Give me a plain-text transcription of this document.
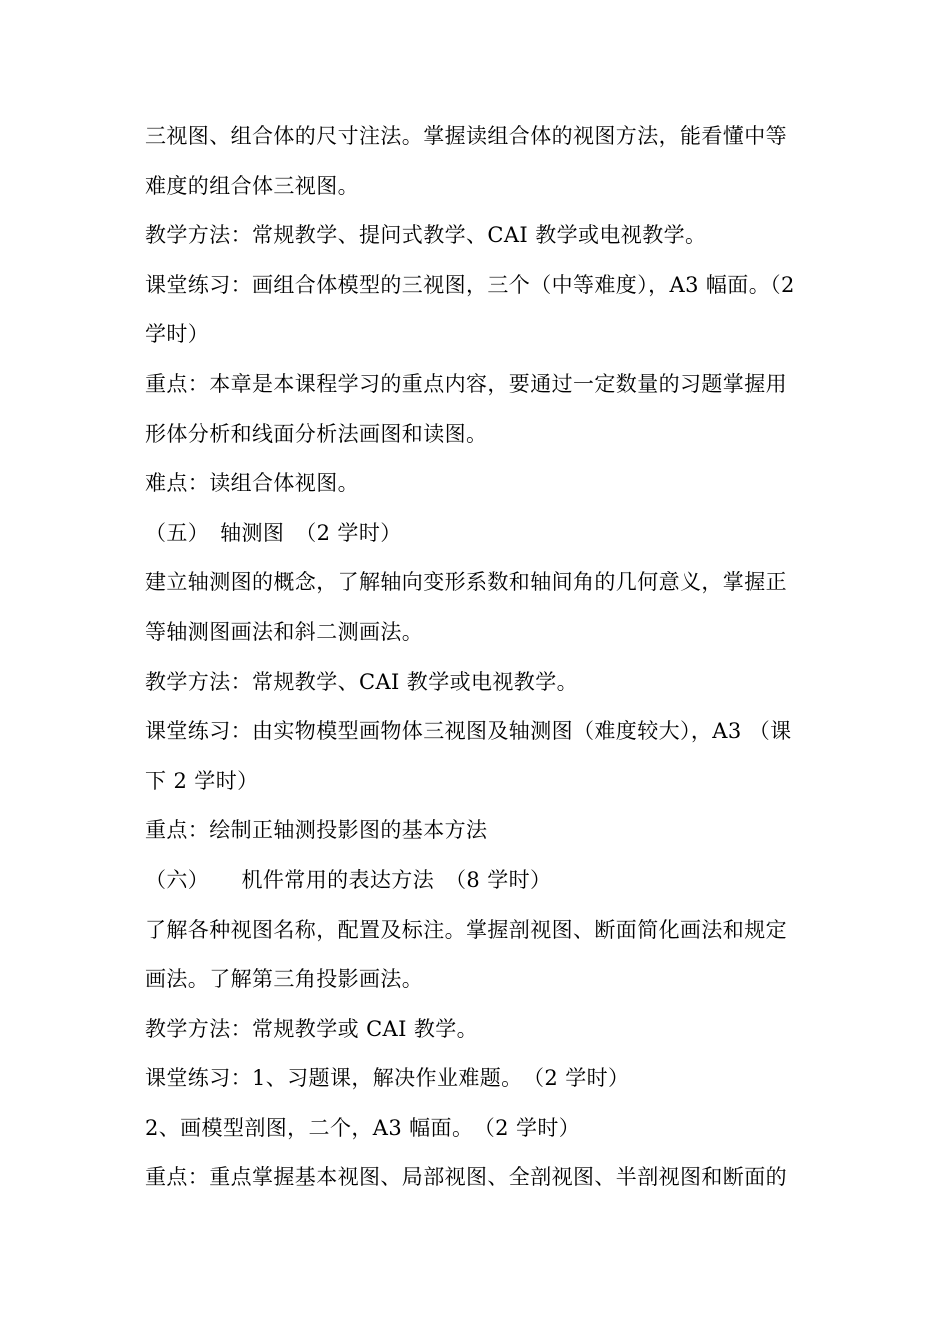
三视图、组合体的尺寸注法。掌握读组合体的视图方法，能看懂中等
难度的组合体三视图。
教学方法：常规教学、提问式教学、CAI 教学或电视教学。
课堂练习：画组合体模型的三视图，三个（中等难度），A3 幅面。（2
学时）
重点：本章是本课程学习的重点内容，要通过一定数量的习题掌握用
形体分析和线面分析法画图和读图。
难点：读组合体视图。
（五）　轴测图　（2 学时）
建立轴测图的概念，了解轴向变形系数和轴间角的几何意义，掌握正
等轴测图画法和斜二测画法。
教学方法：常规教学、CAI 教学或电视教学。
课堂练习：由实物模型画物体三视图及轴测图（难度较大），A3 （课
下 2 学时）
重点：绘制正轴测投影图的基本方法
（六）　　机件常用的表达方法　（8 学时）
了解各种视图名称，配置及标注。掌握剖视图、断面简化画法和规定
画法。了解第三角投影画法。
教学方法：常规教学或 CAI 教学。
课堂练习：1、习题课，解决作业难题。　（2 学时）
2、画模型剖图，二个，A3 幅面。　（2 学时）
重点：重点掌握基本视图、局部视图、全剖视图、半剖视图和断面的
